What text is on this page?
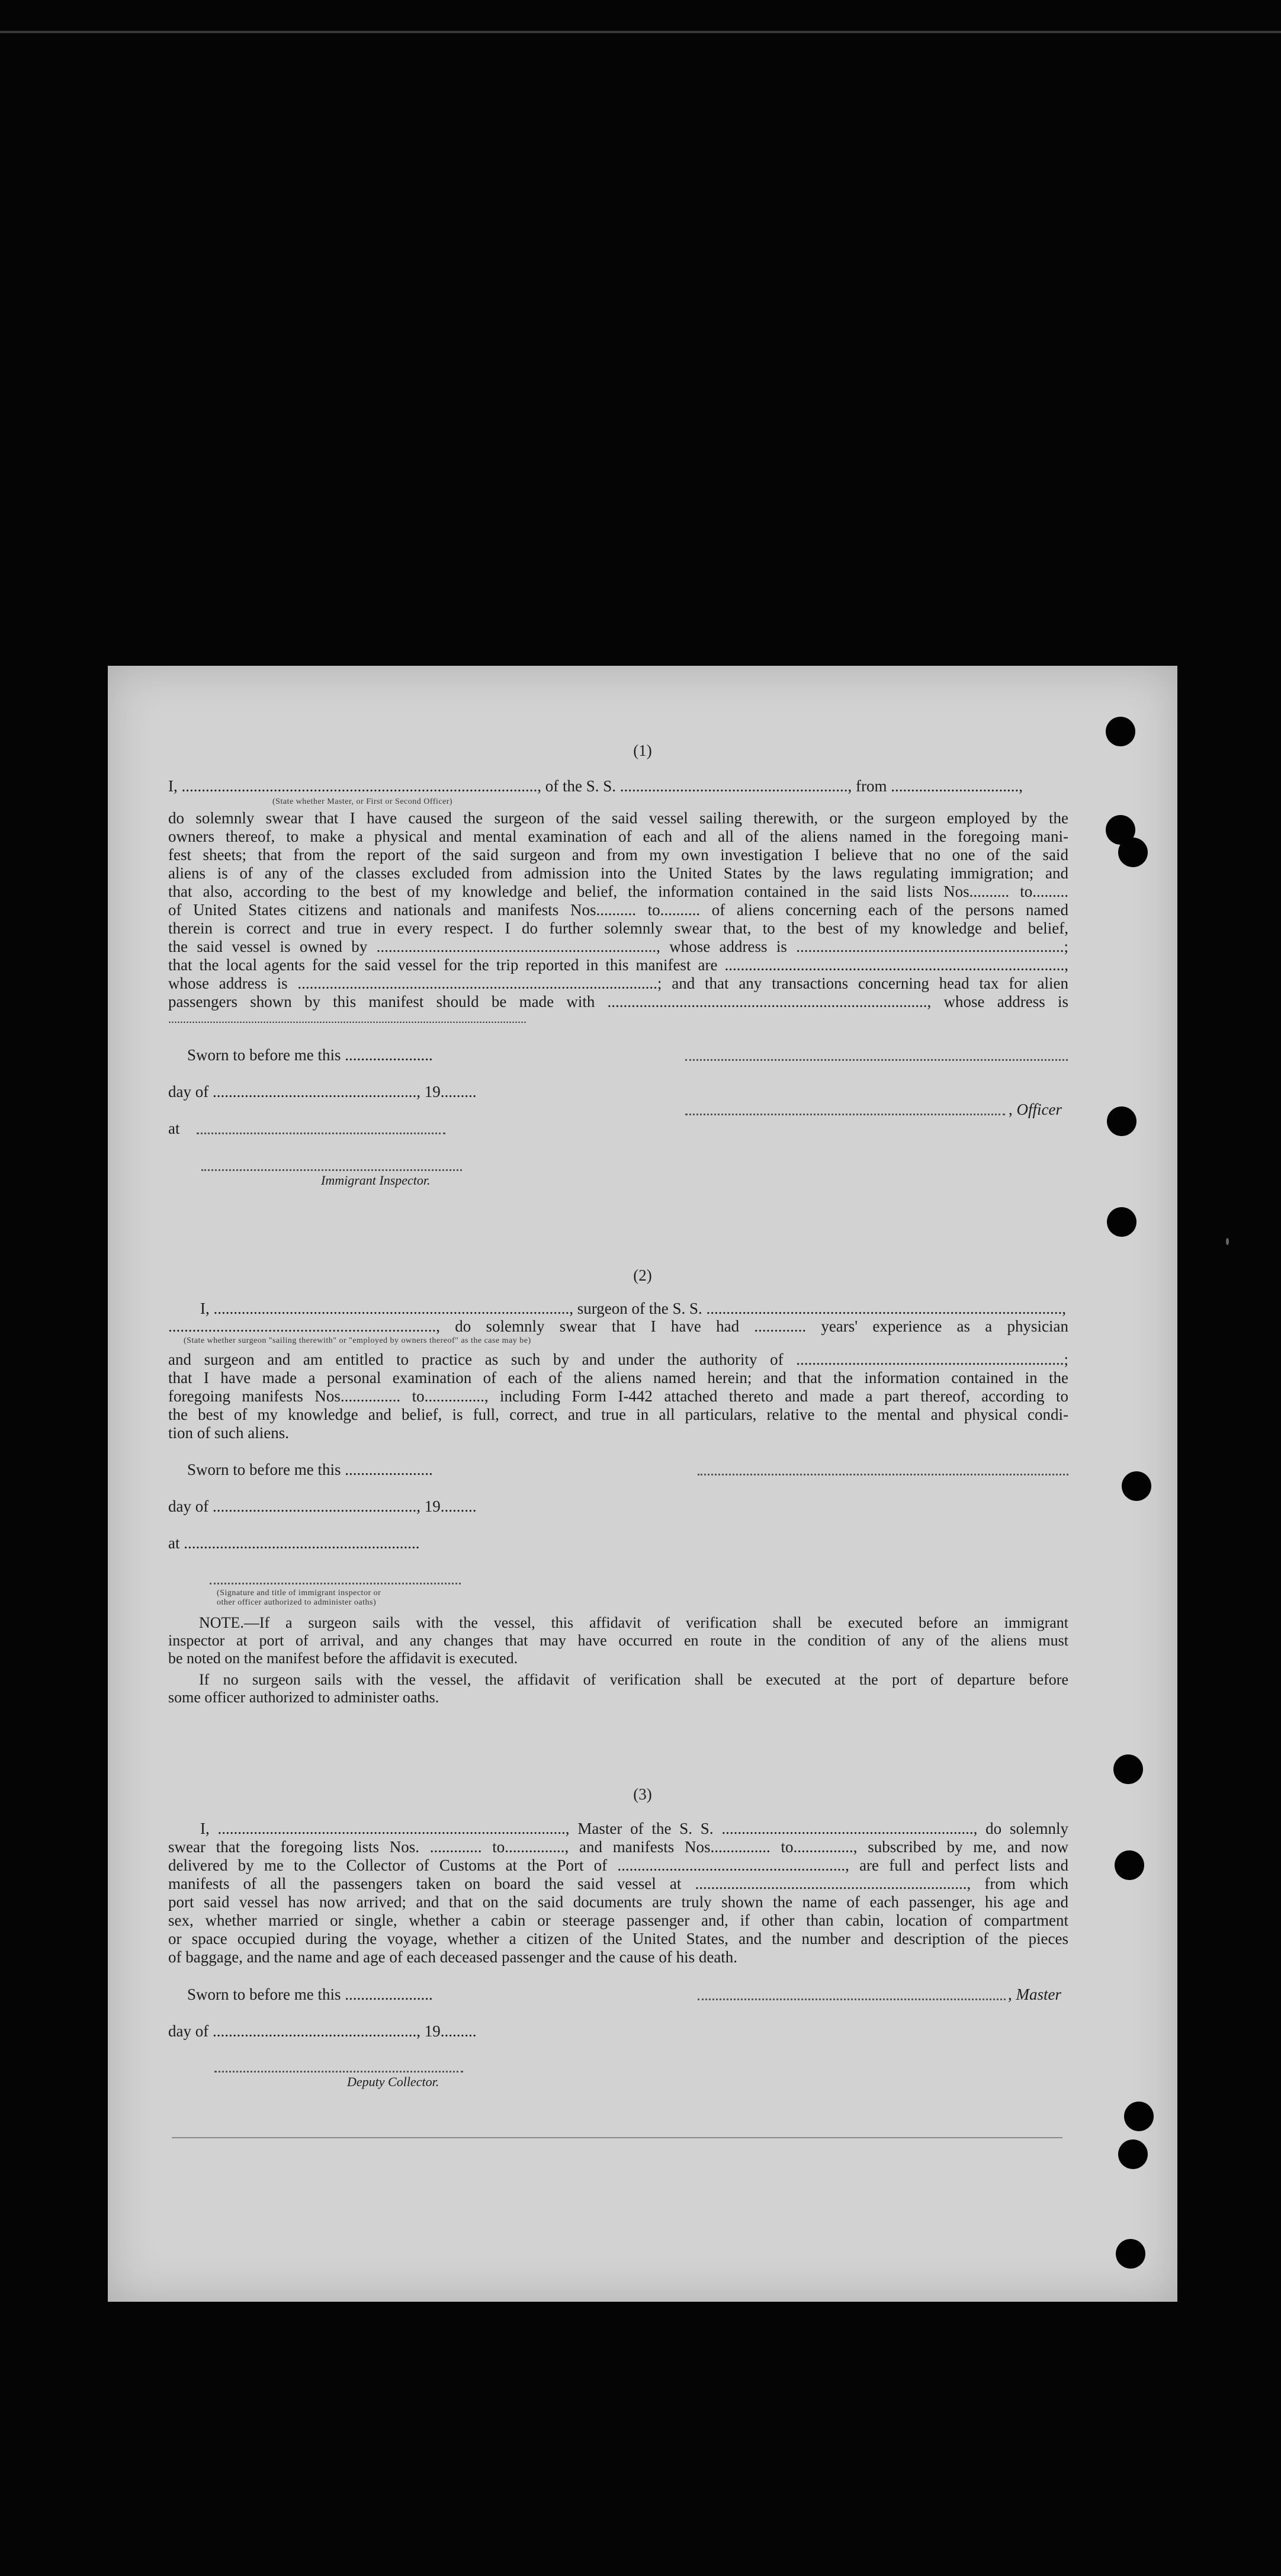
(1)
I, ........................................................................................., of the S. S. ........................................................., from ................................,
(State whether Master, or First or Second Officer)
do solemnly swear that I have caused the surgeon of the said vessel sailing therewith, or the surgeon employed by the
owners thereof, to make a physical and mental examination of each and all of the aliens named in the foregoing mani-
fest sheets; that from the report of the said surgeon and from my own investigation I believe that no one of the said
aliens is of any of the classes excluded from admission into the United States by the laws regulating immigration; and
that also, according to the best of my knowledge and belief, the information contained in the said lists Nos.......... to.........
of United States citizens and nationals and manifests Nos.......... to.......... of aliens concerning each of the persons named
therein is correct and true in every respect. I do further solemnly swear that, to the best of my knowledge and belief,
the said vessel is owned by ......................................................................, whose address is ...................................................................;
that the local agents for the said vessel for the trip reported in this manifest are .....................................................................................,
whose address is ..........................................................................................; and that any transactions concerning head tax for alien
passengers shown by this manifest should be made with ................................................................................, whose address is
.........................................................................................................................
Sworn to before me this ......................
day of ..................................................., 19.........
, Officer
at
Immigrant Inspector.
(2)
I, ........................................................................................., surgeon of the S. S. .........................................................................................,
..................................................................., do solemnly swear that I have had ............. years' experience as a physician
(State whether surgeon "sailing therewith" or "employed by owners thereof" as the case may be)
and surgeon and am entitled to practice as such by and under the authority of ...................................................................;
that I have made a personal examination of each of the aliens named herein; and that the information contained in the
foregoing manifests Nos............... to..............., including Form I-442 attached thereto and made a part thereof, according to
the best of my knowledge and belief, is full, correct, and true in all particulars, relative to the mental and physical condi-
tion of such aliens.
Sworn to before me this ......................
day of ..................................................., 19.........
at ...........................................................
(Signature and title of immigrant inspector or
other officer authorized to administer oaths)
NOTE.—If a surgeon sails with the vessel, this affidavit of verification shall be executed before an immigrant
inspector at port of arrival, and any changes that may have occurred en route in the condition of any of the aliens must
be noted on the manifest before the affidavit is executed.
If no surgeon sails with the vessel, the affidavit of verification shall be executed at the port of departure before
some officer authorized to administer oaths.
(3)
I, ......................................................................................., Master of the S. S. ..............................................................., do solemnly
swear that the foregoing lists Nos. ............. to..............., and manifests Nos............... to..............., subscribed by me, and now
delivered by me to the Collector of Customs at the Port of ........................................................., are full and perfect lists and
manifests of all the passengers taken on board the said vessel at ...................................................................., from which
port said vessel has now arrived; and that on the said documents are truly shown the name of each passenger, his age and
sex, whether married or single, whether a cabin or steerage passenger and, if other than cabin, location of compartment
or space occupied during the voyage, whether a citizen of the United States, and the number and description of the pieces
of baggage, and the name and age of each deceased passenger and the cause of his death.
Sworn to before me this ......................	, Master
day of ..................................................., 19.........
Deputy Collector.
